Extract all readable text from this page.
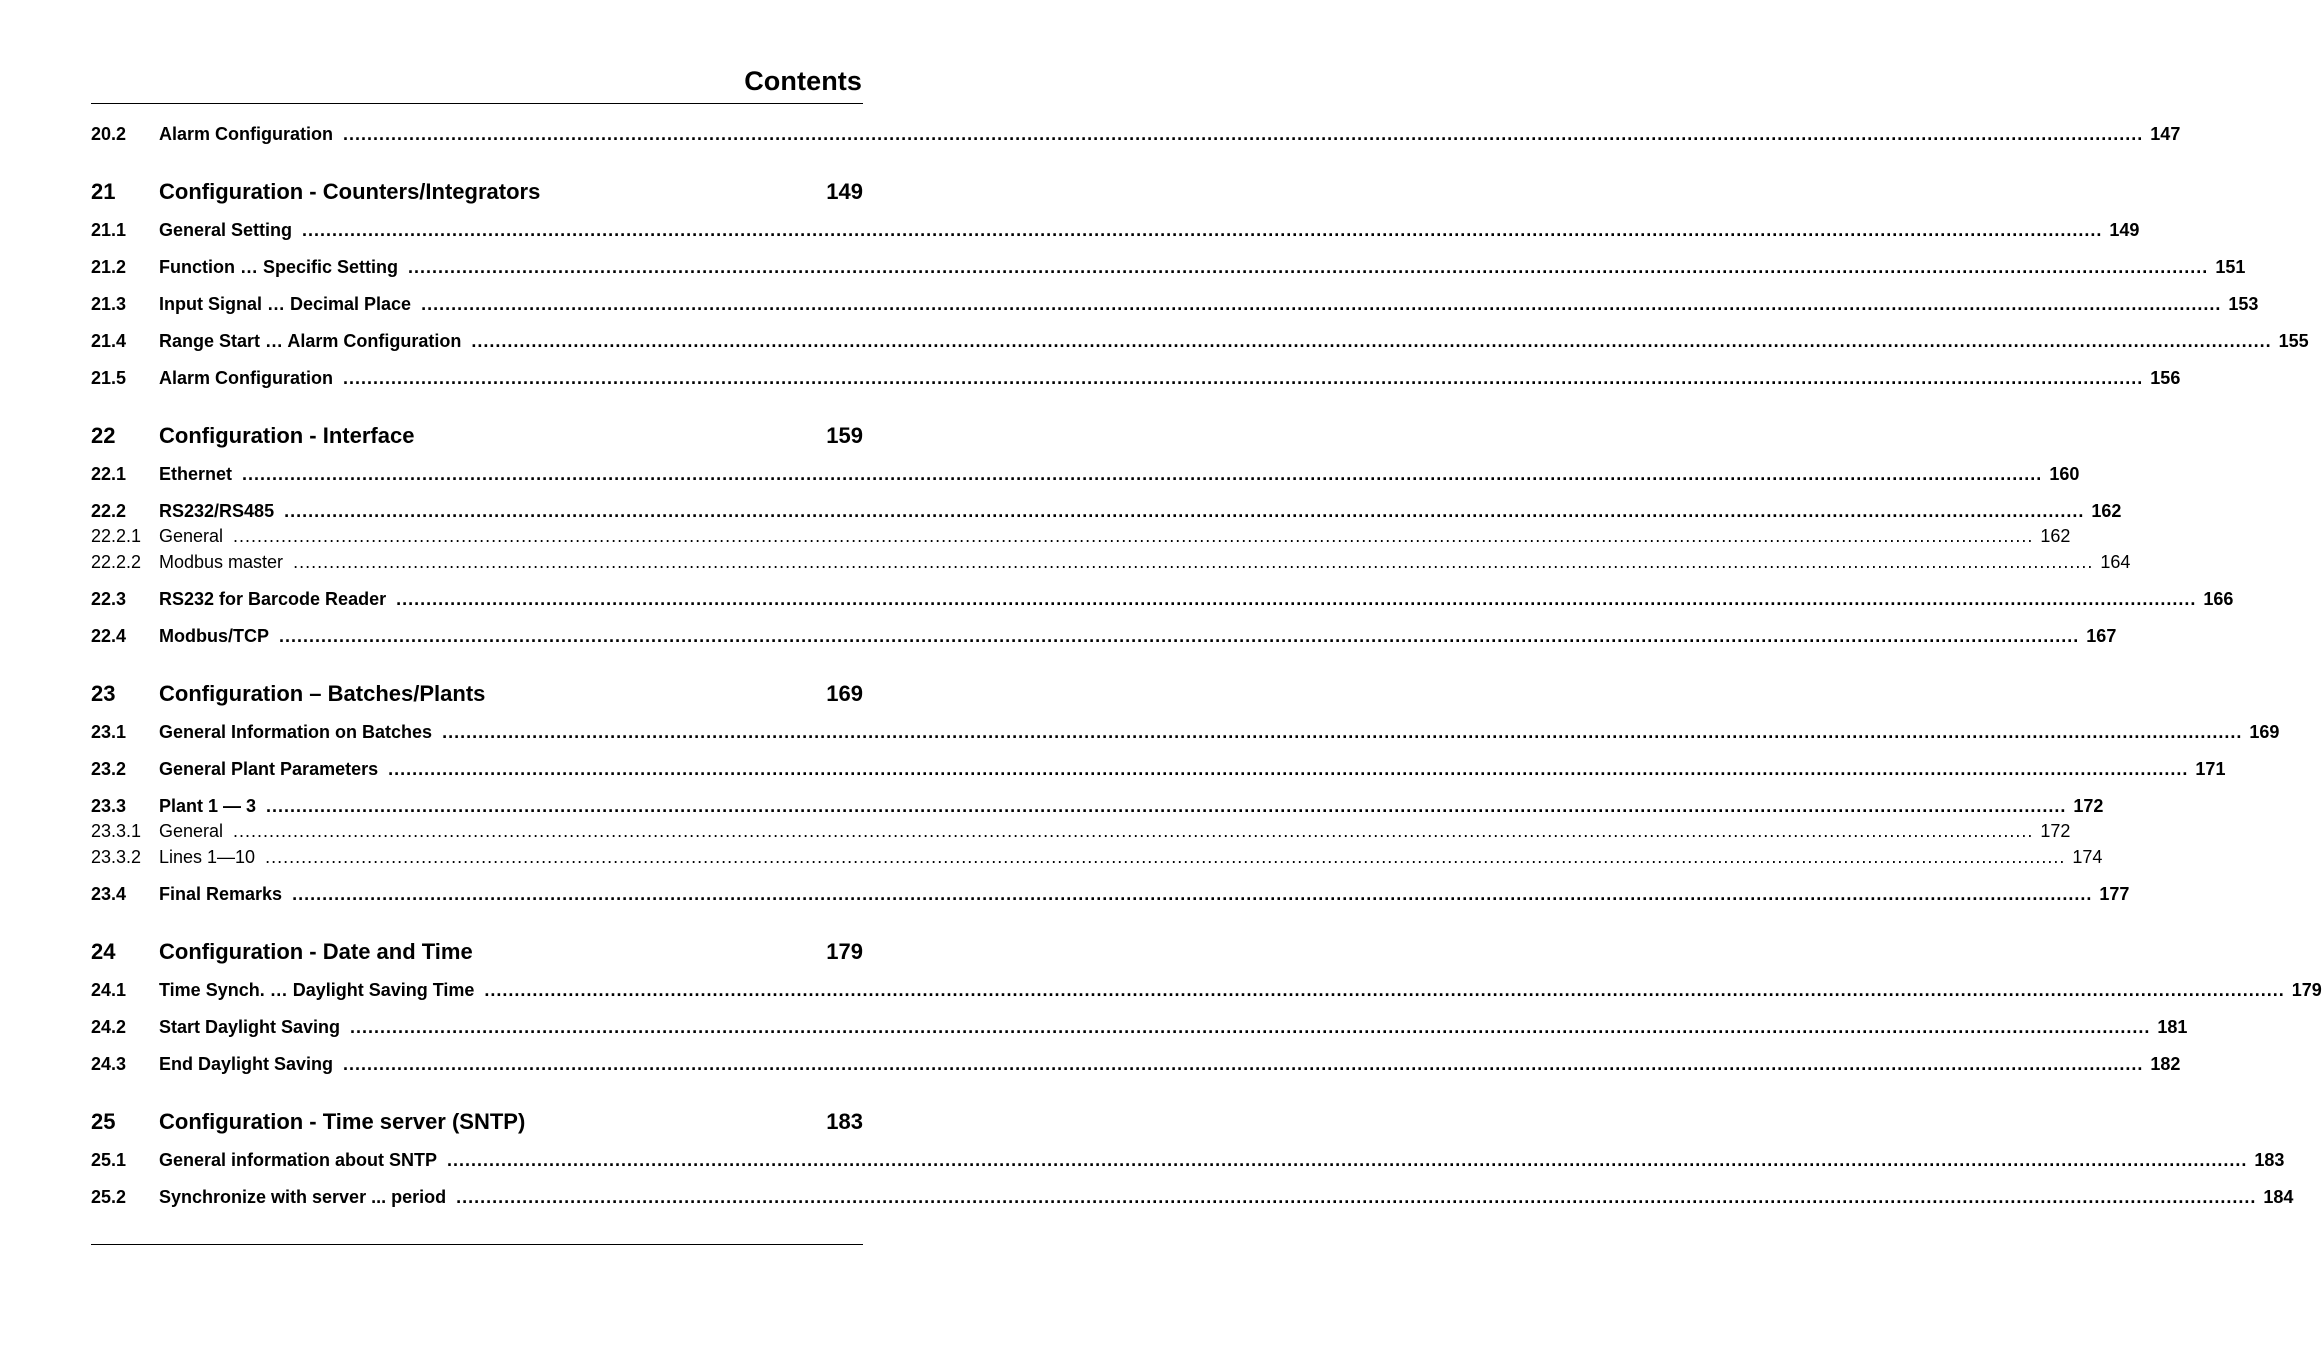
Contents
20.2	Alarm Configuration ............................................................................................................................................................................................................................................................................................................ 147
21	Configuration - Counters/Integrators	149
21.1	General Setting ............................................................................................................................................................................................................................................................................................................ 149
21.2	Function … Specific Setting ............................................................................................................................................................................................................................................................................................................ 151
21.3	Input Signal … Decimal Place ............................................................................................................................................................................................................................................................................................................ 153
21.4	Range Start … Alarm Configuration ............................................................................................................................................................................................................................................................................................................ 155
21.5	Alarm Configuration ............................................................................................................................................................................................................................................................................................................ 156
22	Configuration - Interface	159
22.1	Ethernet ............................................................................................................................................................................................................................................................................................................ 160
22.2	RS232/RS485 ............................................................................................................................................................................................................................................................................................................ 162
22.2.1 General ............................................................................................................................................................................................................................................................................................................ 162
22.2.2 Modbus master ............................................................................................................................................................................................................................................................................................................ 164
22.3	RS232 for Barcode Reader ............................................................................................................................................................................................................................................................................................................ 166
22.4	Modbus/TCP ............................................................................................................................................................................................................................................................................................................ 167
23	Configuration – Batches/Plants	169
23.1	General Information on Batches ............................................................................................................................................................................................................................................................................................................ 169
23.2	General Plant Parameters ............................................................................................................................................................................................................................................................................................................ 171
23.3	Plant 1 — 3 ............................................................................................................................................................................................................................................................................................................ 172
23.3.1 General ............................................................................................................................................................................................................................................................................................................ 172
23.3.2 Lines 1—10 ............................................................................................................................................................................................................................................................................................................ 174
23.4	Final Remarks ............................................................................................................................................................................................................................................................................................................ 177
24	Configuration - Date and Time	179
24.1	Time Synch. … Daylight Saving Time ............................................................................................................................................................................................................................................................................................................ 179
24.2	Start Daylight Saving ............................................................................................................................................................................................................................................................................................................ 181
24.3	End Daylight Saving ............................................................................................................................................................................................................................................................................................................ 182
25	Configuration - Time server (SNTP)	183
25.1	General information about SNTP ............................................................................................................................................................................................................................................................................................................ 183
25.2	Synchronize with server ... period ............................................................................................................................................................................................................................................................................................................ 184
